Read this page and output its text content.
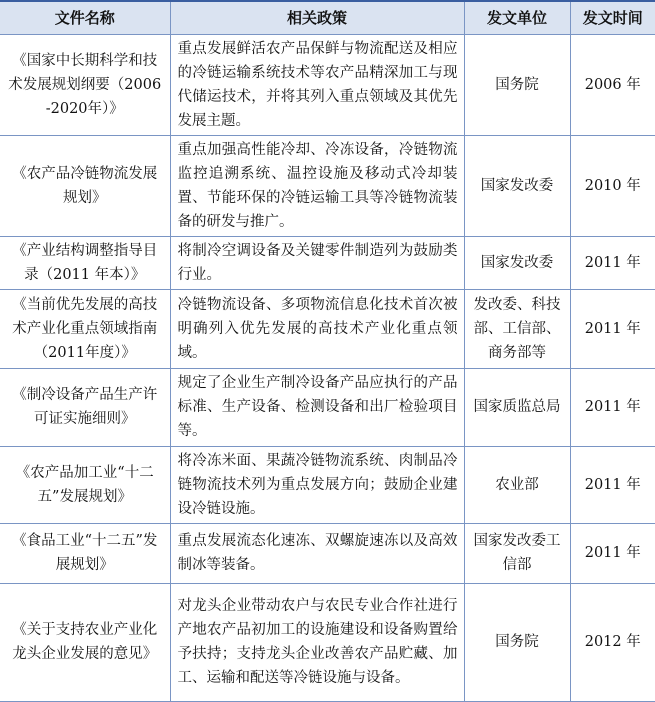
文件名称	相关政策	发文单位	发文时间
《国家中长期科学和技术发展规划纲要（2006-2020年）》	重点发展鲜活农产品保鲜与物流配送及相应的冷链运输系统技术等农产品精深加工与现代储运技术，并将其列入重点领域及其优先发展主题。	国务院	2006 年
《农产品冷链物流发展规划》	重点加强高性能冷却、冷冻设备，冷链物流监控追溯系统、温控设施及移动式冷却装置、节能环保的冷链运输工具等冷链物流装备的研发与推广。	国家发改委	2010 年
《产业结构调整指导目录（2011 年本）》	将制冷空调设备及关键零件制造列为鼓励类行业。	国家发改委	2011 年
《当前优先发展的高技术产业化重点领域指南（2011年度）》	冷链物流设备、多项物流信息化技术首次被明确列入优先发展的高技术产业化重点领域。	发改委、科技部、工信部、商务部等	2011 年
《制冷设备产品生产许可证实施细则》	规定了企业生产制冷设备产品应执行的产品标准、生产设备、检测设备和出厂检验项目等。	国家质监总局	2011 年
《农产品加工业“十二五”发展规划》	将冷冻米面、果蔬冷链物流系统、肉制品冷链物流技术列为重点发展方向；鼓励企业建设冷链设施。	农业部	2011 年
《食品工业“十二五”发展规划》	重点发展流态化速冻、双螺旋速冻以及高效制冰等装备。	国家发改委工信部	2011 年
《关于支持农业产业化龙头企业发展的意见》	对龙头企业带动农户与农民专业合作社进行产地农产品初加工的设施建设和设备购置给予扶持；支持龙头企业改善农产品贮藏、加工、运输和配送等冷链设施与设备。	国务院	2012 年
